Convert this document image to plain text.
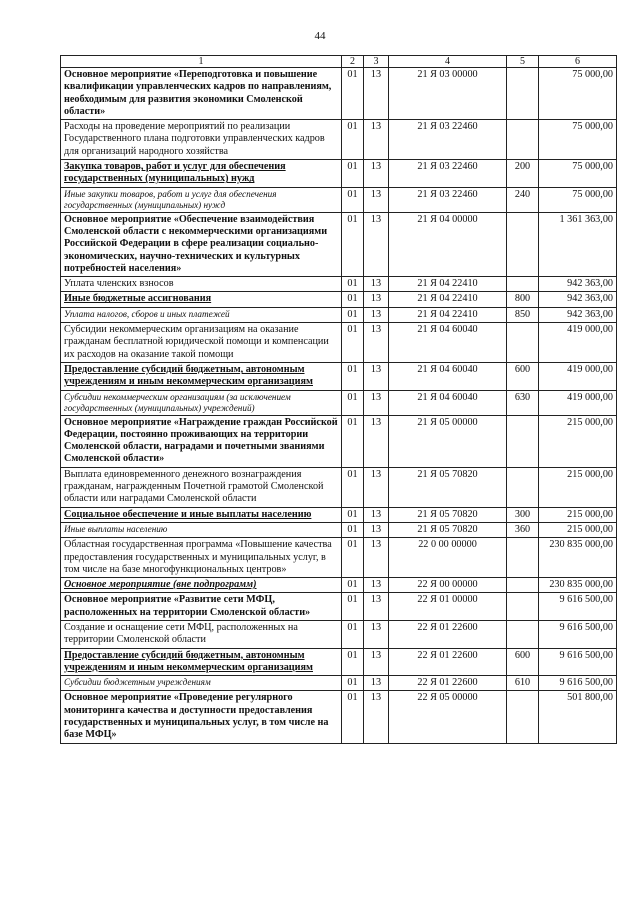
44
1	2	3	4	5	6
Основное мероприятие «Переподготовка и повышение квалификации управленческих кадров по направлениям, необходимым для развития экономики Смоленской области»	01	13	21 Я 03 00000		75 000,00
Расходы на проведение мероприятий по реализации Государственного плана подготовки управленческих кадров для организаций народного хозяйства	01	13	21 Я 03 22460		75 000,00
Закупка товаров, работ и услуг для обеспечения государственных (муниципальных) нужд	01	13	21 Я 03 22460	200	75 000,00
Иные закупки товаров, работ и услуг для обеспечения государственных (муниципальных) нужд	01	13	21 Я 03 22460	240	75 000,00
Основное мероприятие «Обеспечение взаимодействия Смоленской области с некоммерческими организациями Российской Федерации в сфере реализации социально-экономических, научно-технических и культурных потребностей населения»	01	13	21 Я 04 00000		1 361 363,00
Уплата членских взносов	01	13	21 Я 04 22410		942 363,00
Иные бюджетные ассигнования	01	13	21 Я 04 22410	800	942 363,00
Уплата налогов, сборов и иных платежей	01	13	21 Я 04 22410	850	942 363,00
Субсидии некоммерческим организациям на оказание гражданам бесплатной юридической помощи и компенсации их расходов на оказание такой помощи	01	13	21 Я 04 60040		419 000,00
Предоставление субсидий бюджетным, автономным учреждениям и иным некоммерческим организациям	01	13	21 Я 04 60040	600	419 000,00
Субсидии некоммерческим организациям (за исключением государственных (муниципальных) учреждений)	01	13	21 Я 04 60040	630	419 000,00
Основное мероприятие «Награждение граждан Российской Федерации, постоянно проживающих на территории Смоленской области, наградами и почетными званиями Смоленской области»	01	13	21 Я 05 00000		215 000,00
Выплата единовременного денежного вознаграждения гражданам, награжденным Почетной грамотой Смоленской области или наградами Смоленской области	01	13	21 Я 05 70820		215 000,00
Социальное обеспечение и иные выплаты населению	01	13	21 Я 05 70820	300	215 000,00
Иные выплаты населению	01	13	21 Я 05 70820	360	215 000,00
Областная государственная программа «Повышение качества предоставления государственных и муниципальных услуг, в том числе на базе многофункциональных центров»	01	13	22 0 00 00000		230 835 000,00
Основное мероприятие (вне подпрограмм)	01	13	22 Я 00 00000		230 835 000,00
Основное мероприятие «Развитие сети МФЦ, расположенных на территории Смоленской области»	01	13	22 Я 01 00000		9 616 500,00
Создание и оснащение сети МФЦ, расположенных на территории Смоленской области	01	13	22 Я 01 22600		9 616 500,00
Предоставление субсидий бюджетным, автономным учреждениям и иным некоммерческим организациям	01	13	22 Я 01 22600	600	9 616 500,00
Субсидии бюджетным учреждениям	01	13	22 Я 01 22600	610	9 616 500,00
Основное мероприятие «Проведение регулярного мониторинга качества и доступности предоставления государственных и муниципальных услуг, в том числе на базе МФЦ»	01	13	22 Я 05 00000		501 800,00
